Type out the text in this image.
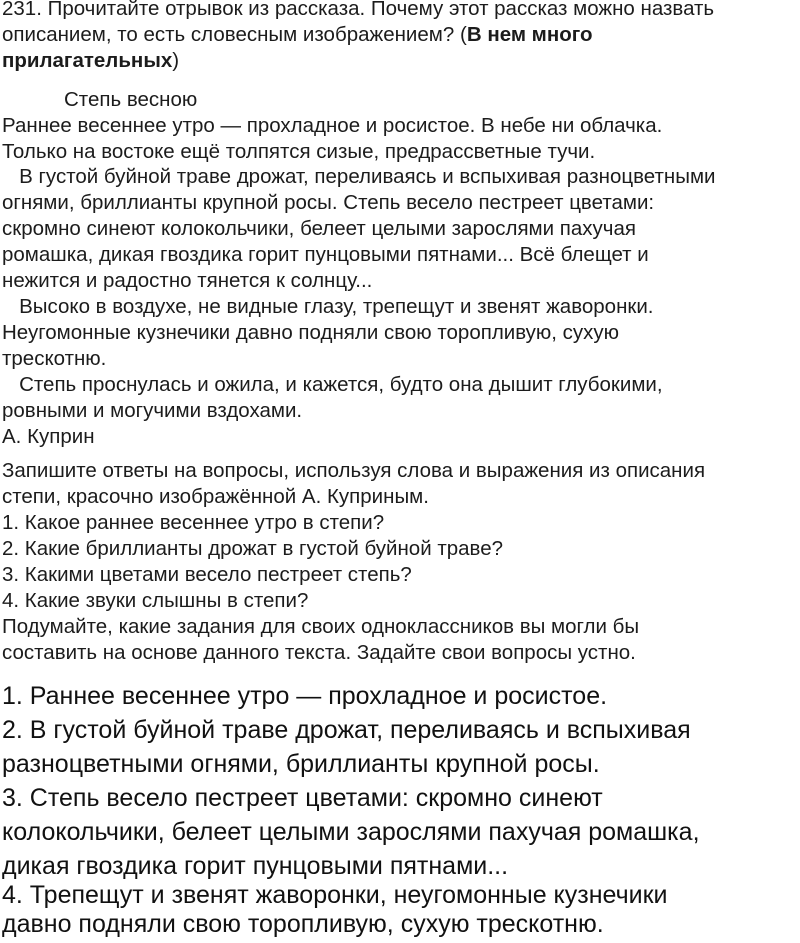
231. Прочитайте отрывок из рассказа. Почему этот рассказ можно назвать
описанием, то есть словесным изображением? (В нем много
прилагательных)
Степь весною
Раннее весеннее утро — прохладное и росистое. В небе ни облачка.
Только на востоке ещё толпятся сизые, предрассветные тучи.
В густой буйной траве дрожат, переливаясь и вспыхивая разноцветными
огнями, бриллианты крупной росы. Степь весело пестреет цветами:
скромно синеют колокольчики, белеет целыми зарослями пахучая
ромашка, дикая гвоздика горит пунцовыми пятнами... Всё блещет и
нежится и радостно тянется к солнцу...
Высоко в воздухе, не видные глазу, трепещут и звенят жаворонки.
Неугомонные кузнечики давно подняли свою торопливую, сухую
трескотню.
Степь проснулась и ожила, и кажется, будто она дышит глубокими,
ровными и могучими вздохами.
А. Куприн
Запишите ответы на вопросы, используя слова и выражения из описания
степи, красочно изображённой А. Куприным.
1. Какое раннее весеннее утро в степи?
2. Какие бриллианты дрожат в густой буйной траве?
3. Какими цветами весело пестреет степь?
4. Какие звуки слышны в степи?
Подумайте, какие задания для своих одноклассников вы могли бы
составить на основе данного текста. Задайте свои вопросы устно.
1. Раннее весеннее утро — прохладное и росистое.
2. В густой буйной траве дрожат, переливаясь и вспыхивая
разноцветными огнями, бриллианты крупной росы.
3. Степь весело пестреет цветами: скромно синеют
колокольчики, белеет целыми зарослями пахучая ромашка,
дикая гвоздика горит пунцовыми пятнами...
4. Трепещут и звенят жаворонки, неугомонные кузнечики
давно подняли свою торопливую, сухую трескотню.
